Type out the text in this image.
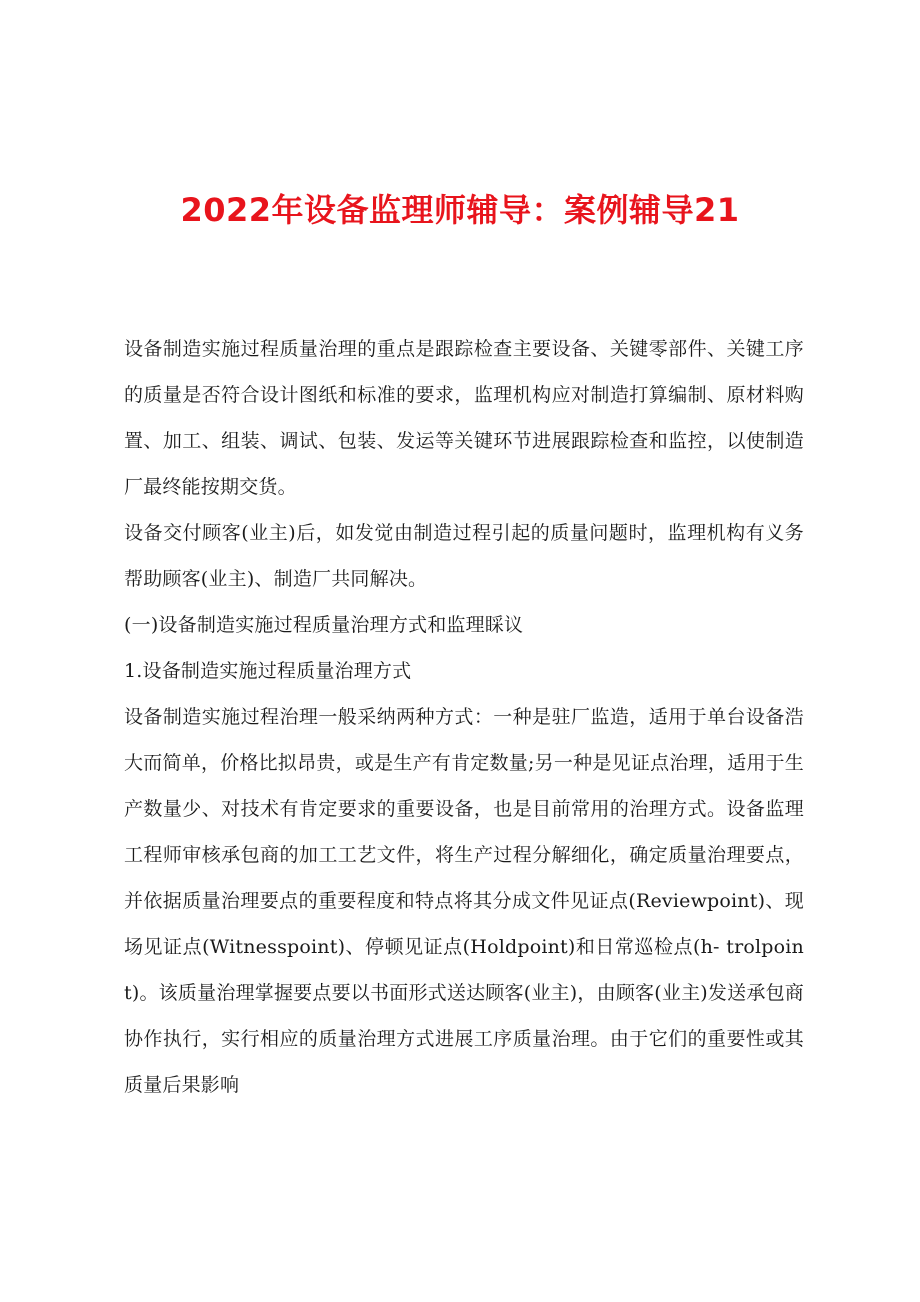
2022年设备监理师辅导：案例辅导21

设备制造实施过程质量治理的重点是跟踪检查主要设备、关键零部件、关键工序的质量是否符合设计图纸和标准的要求，监理机构应对制造打算编制、原材料购置、加工、组装、调试、包装、发运等关键环节进展跟踪检查和监控，以使制造厂最终能按期交货。

设备交付顾客(业主)后，如发觉由制造过程引起的质量问题时，监理机构有义务帮助顾客(业主)、制造厂共同解决。

(一)设备制造实施过程质量治理方式和监理睬议

1.设备制造实施过程质量治理方式

设备制造实施过程治理一般采纳两种方式：一种是驻厂监造，适用于单台设备浩大而简单，价格比拟昂贵，或是生产有肯定数量;另一种是见证点治理，适用于生产数量少、对技术有肯定要求的重要设备，也是目前常用的治理方式。设备监理工程师审核承包商的加工工艺文件，将生产过程分解细化，确定质量治理要点，并依据质量治理要点的重要程度和特点将其分成文件见证点(Reviewpoint)、现场见证点(Witnesspoint)、停顿见证点(Holdpoint)和日常巡检点(h- trolpoint)。该质量治理掌握要点要以书面形式送达顾客(业主)，由顾客(业主)发送承包商协作执行，实行相应的质量治理方式进展工序质量治理。由于它们的重要性或其质量后果影响
